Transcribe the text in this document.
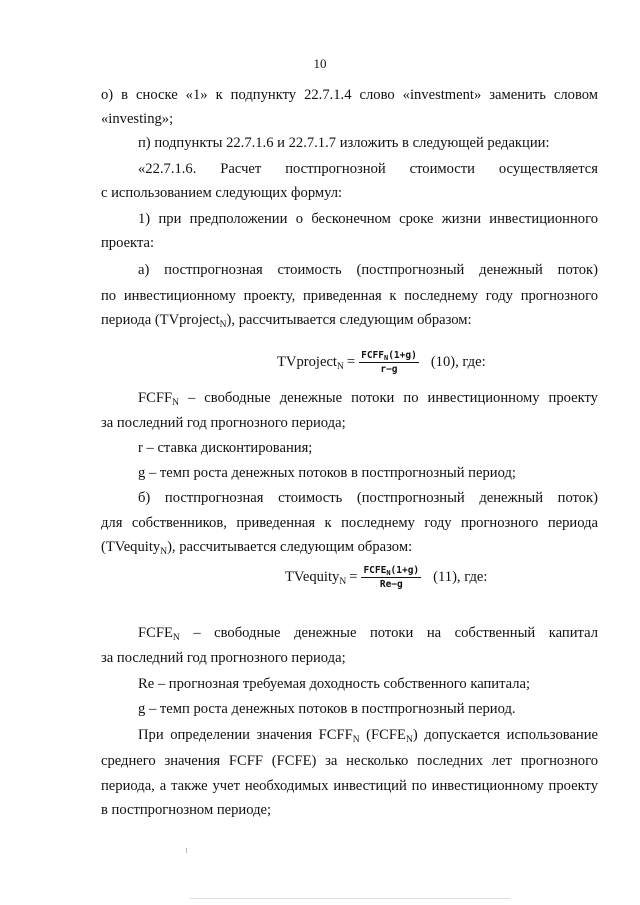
10
о) в сноске «1» к подпункту 22.7.1.4 слово «investment» заменить словом
«investing»;
п) подпункты 22.7.1.6 и 22.7.1.7 изложить в следующей редакции:
«22.7.1.6. Расчет постпрогнозной стоимости осуществляется
с использованием следующих формул:
1) при предположении о бесконечном сроке жизни инвестиционного
проекта:
а) постпрогнозная стоимость (постпрогнозный денежный поток)
по инвестиционному проекту, приведенная к последнему году прогнозного
периода (TVproject$_N$), рассчитывается следующим образом:
TVproject$_N$ = $\frac{FCFF_N(1+g)}{r-g} (10)$, где:
$FCFF_N$ – свободные денежные потоки по инвестиционному проекту
за последний год прогнозного периода;
r – ставка дисконтирования;
g – темп роста денежных потоков в постпрогнозный период;
б) постпрогнозная стоимость (постпрогнозный денежный поток)
для собственников, приведенная к последнему году прогнозного периода
(TVequity$_N$), рассчитывается следующим образом:
TVequity$_N$ = $\frac{FCFE_N(1+g)}{Re-g} (11)$, где:
$FCFE_N$ – свободные денежные потоки на собственный капитал
за последний год прогнозного периода;
Re – прогнозная требуемая доходность собственного капитала;
g – темп роста денежных потоков в постпрогнозный период.
При определении значения $FCFF_N$ $(FCFE_N)$ допускается использование
среднего значения FCFF (FCFE) за несколько последних лет прогнозного
периода, а также учет необходимых инвестиций по инвестиционному проекту
в постпрогнозном периоде;
